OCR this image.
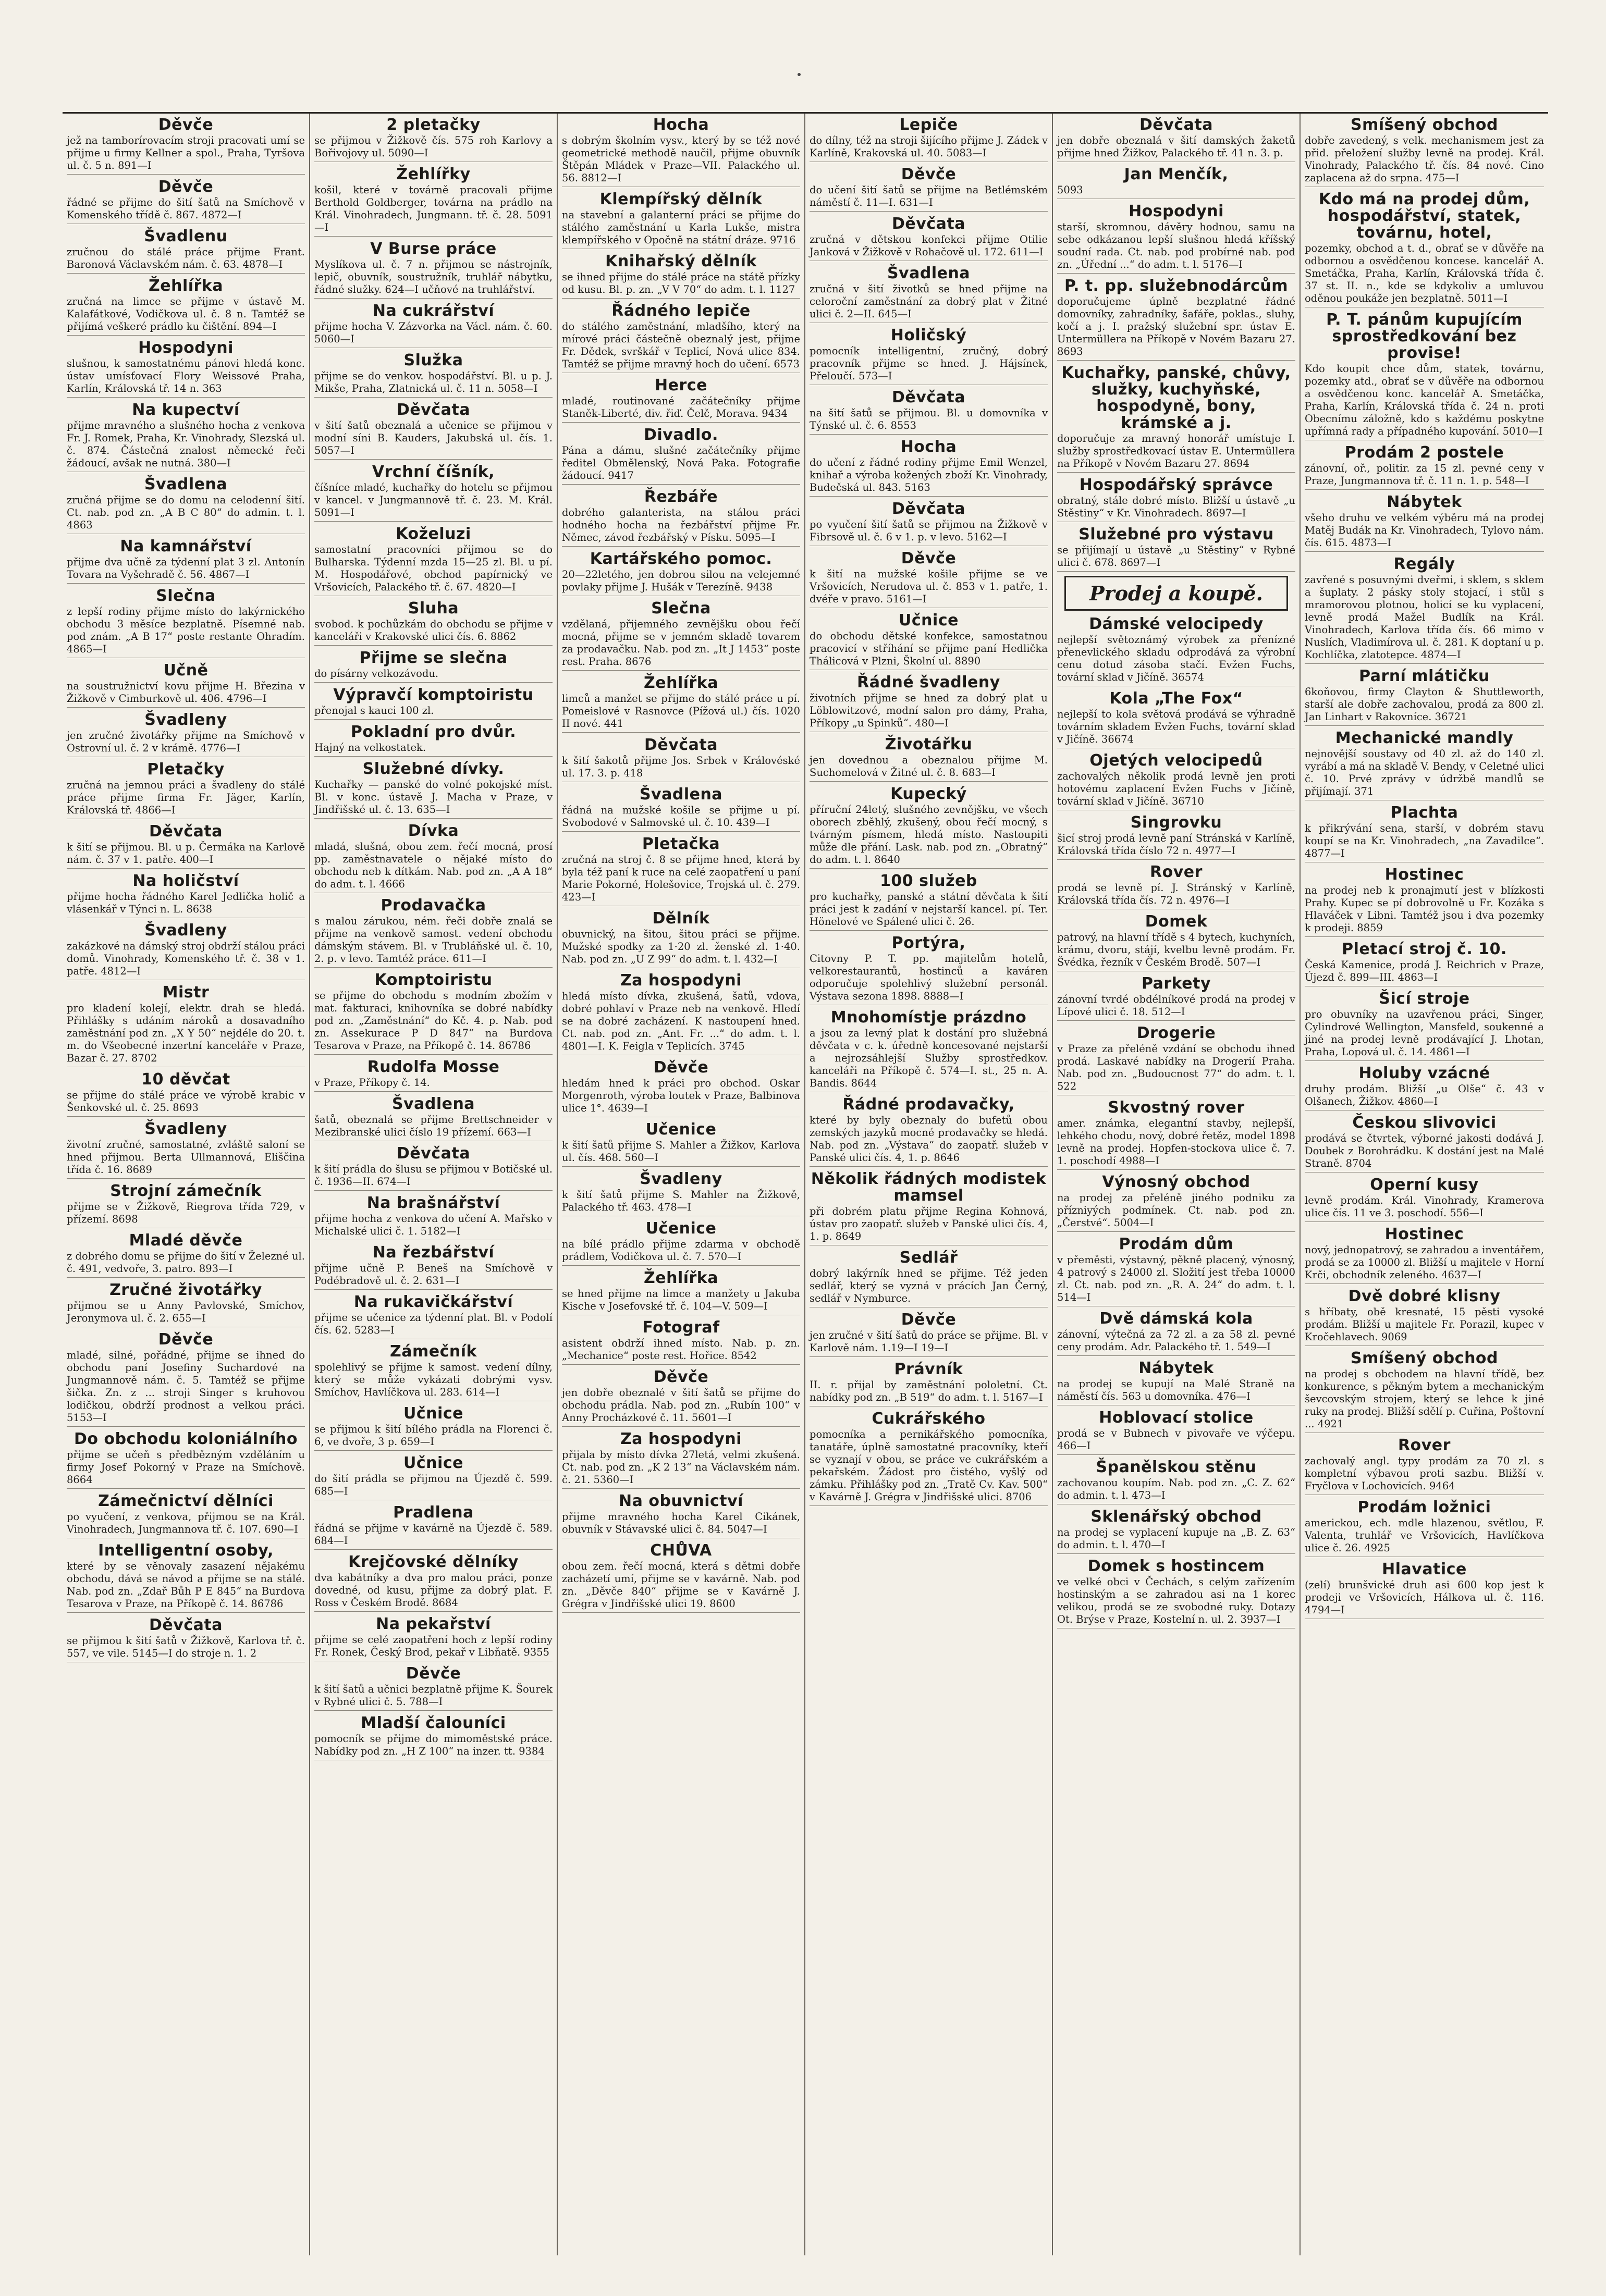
Děvče

jež na tamborírovacím stroji pracovati umí se přijme u firmy Kellner a spol., Praha, Tyršova ul. č. 5 n. 891—I

Děvče

řádné se přijme do šití šatů na Smíchově v Komenského třídě č. 867. 4872—I

Švadlenu

zručnou do stálé práce přijme Frant. Baronová Václavském nám. č. 63. 4878—I

Žehlířka

zručná na limce se přijme v ústavě M. Kalafátkové, Vodičkova ul. č. 8 n. Tamtéž se přijímá veškeré prádlo ku čištění. 894—I

Hospodyni

slušnou, k samostatnému pánovi hledá konc. ústav umísťovací Flory Weissové Praha, Karlín, Královská tř. 14 n. 363

Na kupectví

přijme mravného a slušného hocha z venkova Fr. J. Romek, Praha, Kr. Vinohrady, Slezská ul. č. 874. Částečná znalost německé řeči žádoucí, avšak ne nutná. 380—I

Švadlena

zručná přijme se do domu na celodenní šití. Ct. nab. pod zn. „A B C 80“ do admin. t. l. 4863

Na kamnářství

přijme dva učně za týdenní plat 3 zl. Antonín Tovara na Vyšehradě č. 56. 4867—I

Slečna

z lepší rodiny přijme místo do lakýrnického obchodu 3 měsíce bezplatně. Písemné nab. pod znám. „A B 17“ poste restante Ohradím. 4865—I

Učně

na soustružnictví kovu přijme H. Březina v Žižkově v Cimburkově ul. 406. 4796—I

Švadleny

jen zručné životářky přijme na Smíchově v Ostrovní ul. č. 2 v krámě. 4776—I

Pletačky

zručná na jemnou práci a švadleny do stálé práce přijme firma Fr. Jäger, Karlín, Královská tř. 4866—I

Děvčata

k šití se přijmou. Bl. u p. Čermáka na Karlově nám. č. 37 v 1. patře. 400—I

Na holičství

přijme hocha řádného Karel Jedlička holič a vlásenkář v Týnci n. L. 8638

Švadleny

zakázkové na dámský stroj obdrží stálou práci domů. Vinohrady, Komenského tř. č. 38 v 1. patře. 4812—I

Mistr

pro kladení kolejí, elektr. drah se hledá. Přihlášky s udáním nároků a dosavadního zaměstnání pod zn. „X Y 50“ nejdéle do 20. t. m. do Všeobecné inzertní kanceláře v Praze, Bazar č. 27. 8702

10 děvčat

se přijme do stálé práce ve výrobě krabic v Šenkovské ul. č. 25. 8693

Švadleny

životní zručné, samostatné, zvláště saloní se hned přijmou. Berta Ullmannová, Eliščina třída č. 16. 8689

Strojní zámečník

přijme se v Žižkově, Riegrova třída 729, v přízemí. 8698

Mladé děvče

z dobrého domu se přijme do šití v Železné ul. č. 491, vedvoře, 3. patro. 893—I

Zručné životářky

přijmou se u Anny Pavlovské, Smíchov, Jeronymova ul. č. 2. 655—I

Děvče

mladé, silné, pořádné, přijme se ihned do obchodu paní Josefiny Suchardové na Jungmannově nám. č. 5. Tamtéž se přijme šička. Zn. z ... stroji Singer s kruhovou lodičkou, obdrží prodnost a velkou práci. 5153—I

Do obchodu koloniálního

přijme se učeň s předbězným vzděláním u firmy Josef Pokorný v Praze na Smíchově. 8664

Zámečnictví dělníci

po vyučení, z venkova, přijmou se na Král. Vinohradech, Jungmannova tř. č. 107. 690—I

Intelligentní osoby,

které by se věnovaly zasazení nějakému obchodu, dává se návod a přijme se na stálé. Nab. pod zn. „Zdař Bůh P E 845“ na Burdova Tesarova v Praze, na Příkopě č. 14. 86786

Děvčata

se přijmou k šití šatů v Žižkově, Karlova tř. č. 557, ve vile. 5145—I do stroje n. 1. 2

2 pletačky

se přijmou v Žižkově čís. 575 roh Karlovy a Bořivojovy ul. 5090—I

Žehlířky

košil, které v továrně pracovali přijme Berthold Goldberger, továrna na prádlo na Král. Vinohradech, Jungmann. tř. č. 28. 5091—I

V Burse práce

Myslíkova ul. č. 7 n. přijmou se nástrojník, lepič, obuvník, soustružník, truhlář nábytku, řádné služky. 624—I učňové na truhlářství.

Na cukrářství

přijme hocha V. Zázvorka na Václ. nám. č. 60. 5060—I

Služka

přijme se do venkov. hospodářství. Bl. u p. J. Mikše, Praha, Zlatnická ul. č. 11 n. 5058—I

Děvčata

v šití šatů obeznalá a učenice se přijmou v modní síni B. Kauders, Jakubská ul. čís. 1. 5057—I

Vrchní číšník,

číšníce mladé, kuchařky do hotelu se přijmou v kancel. v Jungmannově tř. č. 23. M. Král. 5091—I

Koželuzi

samostatní pracovníci přijmou se do Bulharska. Týdenní mzda 15—25 zl. Bl. u pí. M. Hospodářové, obchod papírnický ve Vršovicích, Palackého tř. č. 67. 4820—I

Sluha

svobod. k pochůzkám do obchodu se přijme v kanceláři v Krakovské ulici čís. 6. 8862

Přijme se slečna

do písárny velkozávodu.

Výpravčí komptoiristu

přenojal s kauci 100 zl.

Pokladní pro dvůr.

Hajný na velkostatek.

Služebné dívky.

Kuchařky — panské do volné pokojské míst. Bl. v konc. ústavě J. Macha v Praze, v Jindřišské ul. č. 13. 635—I

Dívka

mladá, slušná, obou zem. řečí mocná, prosí pp. zaměstnavatele o nějaké místo do obchodu neb k dítkám. Nab. pod zn. „A A 18“ do adm. t. l. 4666

Prodavačka

s malou zárukou, ném. řeči dobře znalá se přijme na venkově samost. vedení obchodu dámským stávem. Bl. v Trubláňské ul. č. 10, 2. p. v levo. Tamtéž práce. 611—I

Komptoiristu

se přijme do obchodu s modním zbožím v mat. fakturaci, knihovníka se dobré nabídky pod zn. „Zaměstnání“ do Kč. 4. p. Nab. pod zn. Assekurace P D 847“ na Burdova Tesarova v Praze, na Příkopě č. 14. 86786

Rudolfa Mosse

v Praze, Příkopy č. 14.

Švadlena

šatů, obeznalá se přijme Brettschneider v Mezibranské ulici číslo 19 přízemí. 663—I

Děvčata

k šití prádla do šlusu se přijmou v Botičské ul. č. 1936—II. 674—I

Na brašnářství

přijme hocha z venkova do učení A. Mařsko v Michalské ulici č. 1. 5182—I

Na řezbářství

přijme učně P. Beneš na Smíchově v Podébradově ul. č. 2. 631—I

Na rukavičkářství

přijme se učenice za týdenní plat. Bl. v Podolí čís. 62. 5283—I

Zámečník

spolehlivý se přijme k samost. vedení dílny, který se může vykázati dobrými vysv. Smíchov, Havlíčkova ul. 283. 614—I

Učnice

se přijmou k šití bílého prádla na Florenci č. 6, ve dvoře, 3 p. 659—I

Učnice

do šití prádla se přijmou na Újezdě č. 599. 685—I

Pradlena

řádná se přijme v kavárně na Újezdě č. 589. 684—I

Krejčovské dělníky

dva kabátníky a dva pro malou práci, ponze dovedné, od kusu, přijme za dobrý plat. F. Ross v Českém Brodě. 8684

Na pekařství

přijme se celé zaopatření hoch z lepší rodiny Fr. Ronek, Český Brod, pekař v Libňatě. 9355

Děvče

k šití šatů a učnici bezplatně přijme K. Šourek v Rybné ulici č. 5. 788—I

Mladší čalouníci

pomocník se přijme do mimoměstské práce. Nabídky pod zn. „H Z 100“ na inzer. tt. 9384

Hocha

s dobrým školním vysv., který by se též nové geometrické methodě naučil, přijme obuvník Štěpán Mládek v Praze—VII. Palackého ul. 56. 8812—I

Klempířský dělník

na stavební a galanterní práci se přijme do stálého zaměstnání u Karla Lukše, mistra klempířského v Opočně na státní dráze. 9716

Knihařský dělník

se ihned přijme do stálé práce na státě přízky od kusu. Bl. p. zn. „V V 70“ do adm. t. l. 1127

Řádného lepiče

do stálého zaměstnání, mladšího, který na mírové práci částečně obeznalý jest, přijme Fr. Dědek, svrškář v Teplicí, Nová ulice 834. Tamtéž se přijme mravný hoch do učení. 6573

Herce

mladé, routinované začátečníky přijme Staněk-Liberté, div. řiď. Čelč, Morava. 9434

Divadlo.

Pána a dámu, slušné začátečníky přijme ředitel Obmělenský, Nová Paka. Fotografie žádoucí. 9417

Řezbáře

dobrého galanterista, na stálou práci hodného hocha na řezbářství přijme Fr. Němec, závod řezbářský v Písku. 5095—I

Kartářského pomoc.

20—22letého, jen dobrou silou na velejemné povlaky přijme J. Hušák v Terezíně. 9438

Slečna

vzdělaná, přijemného zevnějšku obou řečí mocná, přijme se v jemném skladě tovarem za prodavačku. Nab. pod zn. „It J 1453“ poste rest. Praha. 8676

Žehlířka

limců a manžet se přijme do stálé práce u pí. Pomeislové v Rasnovce (Pížová ul.) čís. 1020 II nové. 441

Děvčata

k šití šakotů přijme Jos. Srbek v Královéské ul. 17. 3. p. 418

Švadlena

řádná na mužské košile se přijme u pí. Svobodové v Salmovské ul. č. 10. 439—I

Pletačka

zručná na stroj č. 8 se přijme hned, která by byla též paní k ruce na celé zaopatření u paní Marie Pokorné, Holešovice, Trojská ul. č. 279. 423—I

Dělník

obuvnický, na šitou, šitou práci se přijme. Mužské spodky za 1·20 zl. ženské zl. 1·40. Nab. pod zn. „U Z 99“ do adm. t. l. 432—I

Za hospodyni

hledá místo dívka, zkušená, šatů, vdova, dobré pohlaví v Praze neb na venkově. Hledí se na dobré zacházení. K nastoupení hned. Ct. nab. pod zn. „Ant. Fr. ...“ do adm. t. l. 4801—I. K. Feigla v Teplicích. 3745

Děvče

hledám hned k práci pro obchod. Oskar Morgenroth, výroba loutek v Praze, Balbinova ulice 1°. 4639—I

Učenice

k šití šatů přijme S. Mahler a Žižkov, Karlova ul. čís. 468. 560—I

Švadleny

k šití šatů přijme S. Mahler na Žižkově, Palackého tř. 463. 478—I

Učenice

na bílé prádlo přijme zdarma v obchodě prádlem, Vodičkova ul. č. 7. 570—I

Žehlířka

se hned přijme na limce a manžety u Jakuba Kische v Josefovské tř. č. 104—V. 509—I

Fotograf

asistent obdrží ihned místo. Nab. p. zn. „Mechanice“ poste rest. Hořice. 8542

Děvče

jen dobře obeznalé v šití šatů se přijme do obchodu prádla. Nab. pod zn. „Rubín 100“ v Anny Procházkové č. 11. 5601—I

Za hospodyni

přijala by místo dívka 27letá, velmi zkušená. Ct. nab. pod zn. „K 2 13“ na Václavském nám. č. 21. 5360—I

Na obuvnictví

přijme mravného hocha Karel Cikánek, obuvník v Stávavské ulici č. 84. 5047—I

CHŮVA

obou zem. řečí mocná, která s dětmi dobře zacházetí umí, přijme se v kavárně. Nab. pod zn. „Děvče 840“ přijme se v Kavárně J. Grégra v Jindřišské ulici 19. 8600

Lepiče

do dílny, též na stroji šijícího přijme J. Zádek v Karlíně, Krakovská ul. 40. 5083—I

Děvče

do učení šití šatů se přijme na Betlémském náměstí č. 11—I. 631—I

Děvčata

zručná v dětskou konfekci přijme Otilie Janková v Žižkově v Rohačově ul. 172. 611—I

Švadlena

zručná v šití životků se hned přijme na celoroční zaměstnání za dobrý plat v Žitné ulici č. 2—II. 645—I

Holičský

pomocník intelligentní, zručný, dobrý pracovník přijme se hned. J. Hájsínek, Přeloučí. 573—I

Děvčata

na šití šatů se přijmou. Bl. u domovníka v Týnské ul. č. 6. 8553

Hocha

do učení z řádné rodiny přijme Emil Wenzel, knihař a výroba kožených zboží Kr. Vinohrady, Budečská ul. 843. 5163

Děvčata

po vyučení šití šatů se přijmou na Žižkově v Fibrsově ul. č. 6 v 1. p. v levo. 5162—I

Děvče

k šití na mužské košile přijme se ve Vršovicích, Nerudova ul. č. 853 v 1. patře, 1. dvéře v pravo. 5161—I

Učnice

do obchodu dětské konfekce, samostatnou pracovicí v stříhání se přijme paní Hedlička Thálicová v Plzni, Školní ul. 8890

Řádné švadleny

životních přijme se hned za dobrý plat u Löblowitzové, modní salon pro dámy, Praha, Příkopy „u Spinků“. 480—I

Životářku

jen dovednou a obeznalou přijme M. Suchomelová v Žitné ul. č. 8. 683—I

Kupecký

příruční 24letý, slušného zevnějšku, ve všech oborech zběhlý, zkušený, obou řečí mocný, s tvárným písmem, hledá místo. Nastoupiti může dle přání. Lask. nab. pod zn. „Obratný“ do adm. t. l. 8640

100 služeb

pro kuchařky, panské a státní děvčata k šití práci jest k zadání v nejstarší kancel. pí. Ter. Hönelové ve Spálené ulici č. 26.

Portýra,

Citovny P. T. pp. majitelům hotelů, velkorestaurantů, hostinců a kaváren odporučuje spolehlivý služební personál. Výstava sezona 1898. 8888—I

Mnohomístje prázdno

a jsou za levný plat k dostání pro služebná děvčata v c. k. úředně koncesované nejstarší a nejrozsáhlejší Služby sprostředkov. kanceláři na Příkopě č. 574—I. st., 25 n. A. Bandis. 8644

Řádné prodavačky,

které by byly obeznaly do bufetů obou zemských jazyků mocné prodavačky se hledá. Nab. pod zn. „Výstava“ do zaopatř. služeb v Panské ulici čís. 4, 1. p. 8646

Několik řádných modistek mamsel

při dobrém platu přijme Regina Kohnová, ústav pro zaopatř. služeb v Panské ulici čís. 4, 1. p. 8649

Sedlář

dobrý lakýrník hned se přijme. Též jeden sedlář, který se vyzná v prácích Jan Černý, sedlář v Nymburce.

Děvče

jen zručné v šití šatů do práce se přijme. Bl. v Karlově nám. 1.19—I 19—I

Právník

II. r. přijal by zaměstnání pololetní. Ct. nabídky pod zn. „B 519“ do adm. t. l. 5167—I

Cukrářského

pomocníka a pernikářského pomocníka, tanatáře, úplně samostatné pracovníky, kteří se vyznají v obou, se práce ve cukrářském a pekařském. Žádost pro čistého, vyšlý od zámku. Přihlášky pod zn. „Tratě Cv. Kav. 500“ v Kavárně J. Grégra v Jindřišské ulici. 8706

Děvčata

jen dobře obeznalá v šití damských žaketů přijme hned Žižkov, Palackého tř. 41 n. 3. p.

Jan Menčík,

5093

Hospodyni

starší, skromnou, dávěry hodnou, samu na sebe odkázanou lepší slušnou hledá kříšský soudní rada. Ct. nab. pod probírné nab. pod zn. „Úřední ...“ do adm. t. l. 5176—I

P. t. pp. služebnodárcům

doporučujeme úplně bezplatné řádné domovníky, zahradníky, šafáře, poklas., sluhy, kočí a j. I. pražský služební spr. ústav E. Untermüllera na Příkopě v Novém Bazaru 27. 8693

Kuchařky, panské, chůvy, služky, kuchyňské, hospodyně, bony, krámské a j.

doporučuje za mravný honorář umístuje I. služby sprostředkovací ústav E. Untermüllera na Příkopě v Novém Bazaru 27. 8694

Hospodářský správce

obratný, stále dobré místo. Bližší u ústavě „u Stěstiny“ v Kr. Vinohradech. 8697—I

Služebné pro výstavu

se přijímají u ústavě „u Stěstiny“ v Rybné ulici č. 678. 8697—I

Prodej a koupě.
Dámské velocipedy

nejlepší světoznámý výrobek za přenízné přenevlického skladu odprodává za výrobní cenu dotud zásoba stačí. Evžen Fuchs, tovární sklad v Jičíně. 36574

Kola „The Fox“

nejlepší to kola světová prodává se výhradně továrním skladem Evžen Fuchs, tovární sklad v Jičíně. 36674

Ojetých velocipedů

zachovalých několik prodá levně jen proti hotovému zaplacení Evžen Fuchs v Jičíně, tovární sklad v Jičíně. 36710

Singrovku

šicí stroj prodá levně paní Stránská v Karlíně, Královská třída číslo 72 n. 4977—I

Rover

prodá se levně pí. J. Stránský v Karlíně, Královská třída čís. 72 n. 4976—I

Domek

patrový, na hlavní třídě s 4 bytech, kuchyních, krámu, dvoru, stájí, kvelbu levně prodám. Fr. Švédka, řezník v Českém Brodě. 507—I

Parkety

zánovní tvrdé obdélníkové prodá na prodej v Lípové ulici č. 18. 512—I

Drogerie

v Praze za přeléně vzdání se obchodu ihned prodá. Laskavé nabídky na Drogerií Praha. Nab. pod zn. „Budoucnost 77“ do adm. t. l. 522

Skvostný rover

amer. známka, elegantní stavby, nejlepší, lehkého chodu, nový, dobré řetěz, model 1898 levně na prodej. Hopfen-stockova ulice č. 7. 1. poschodí 4988—I

Výnosný obchod

na prodej za přeléně jiného podniku za přízniyých podmínek. Ct. nab. pod zn. „Čerstvé“. 5004—I

Prodám dům

v přeměsti, výstavný, pěkně placený, výnosný, 4 patrový s 24000 zl. Složití jest třeba 10000 zl. Ct. nab. pod zn. „R. A. 24“ do adm. t. l. 514—I

Dvě dámská kola

zánovní, výtečná za 72 zl. a za 58 zl. pevné ceny prodám. Adr. Palackého tř. 1. 549—I

Nábytek

na prodej se kupují na Malé Straně na náměstí čís. 563 u domovníka. 476—I

Hoblovací stolice

prodá se v Bubnech v pivovaře ve výčepu. 466—I

Španělskou stěnu

zachovanou koupím. Nab. pod zn. „C. Z. 62“ do admin. t. l. 473—I

Sklenářský obchod

na prodej se vyplacení kupuje na „B. Z. 63“ do admin. t. l. 470—I

Domek s hostincem

ve velké obci v Čechách, s celým zařízením hostinským a se zahradou asi na 1 korec velikou, prodá se ze svobodné ruky. Dotazy Ot. Brýse v Praze, Kostelní n. ul. 2. 3937—I

Smíšený obchod

dobře zavedený, s velk. mechanismem jest za přid. přeložení služby levně na prodej. Král. Vinohrady, Palackého tř. čís. 84 nové. Cino zaplacena až do srpna. 475—I

Kdo má na prodej dům, hospodářství, statek, továrnu, hotel,

pozemky, obchod a t. d., obrať se v důvěře na odbornou a osvědčenou koncese. kancelář A. Smetáčka, Praha, Karlín, Královská třída č. 37 st. II. n., kde se kdykoliv a umluvou oděnou poukáže jen bezplatně. 5011—I

P. T. pánům kupujícím sprostředkování bez provise!

Kdo koupit chce dům, statek, továrnu, pozemky atd., obrať se v důvěře na odbornou a osvědčenou konc. kancelář A. Smetáčka, Praha, Karlín, Královská třída č. 24 n. proti Obecnímu záložně, kdo s každému poskytne upřímná rady a případného kupování. 5010—I

Prodám 2 postele

zánovní, oř., politir. za 15 zl. pevné ceny v Praze, Jungmannova tř. č. 11 n. 1. p. 548—I

Nábytek

všeho druhu ve velkém výběru má na prodej Matěj Budák na Kr. Vinohradech, Tylovo nám. čís. 615. 4873—I

Regály

zavřené s posuvnými dveřmi, i sklem, s sklem a šuplaty. 2 pásky stoly stojací, i stůl s mramorovou plotnou, holicí se ku vyplacení, levně prodá Mažel Budlík na Král. Vinohradech, Karlova třída čís. 66 mimo v Nuslích, Vladimírova ul. č. 281. K doptaní u p. Kochlíčka, zlatotepce. 4874—I

Parní mlátičku

6koňovou, firmy Clayton & Shuttleworth, starší ale dobře zachovalou, prodá za 800 zl. Jan Linhart v Rakovníce. 36721

Mechanické mandly

nejnovější soustavy od 40 zl. až do 140 zl. vyrábí a má na skladě V. Bendy, v Celetné ulici č. 10. Prvé zprávy v údržbě mandlů se přijímají. 371

Plachta

k přikrývání sena, starší, v dobrém stavu koupí se na Kr. Vinohradech, „na Zavadilce“. 4877—I

Hostinec

na prodej neb k pronajmutí jest v blízkosti Prahy. Kupec se pí dobrovolně u Fr. Kozáka s Hlaváček v Libni. Tamtéž jsou i dva pozemky k prodeji. 8859

Pletací stroj č. 10.

Česká Kamenice, prodá J. Reichrich v Praze, Újezd č. 899—III. 4863—I

Šicí stroje

pro obuvníky na uzavřenou práci, Singer, Cylindrové Wellington, Mansfeld, soukenné a jiné na prodej levně prodávající J. Lhotan, Praha, Lopová ul. č. 14. 4861—I

Holuby vzácné

druhy prodám. Bližší „u Olše“ č. 43 v Olšanech, Žižkov. 4860—I

Českou slivovici

prodává se čtvrtek, výborné jakosti dodává J. Doubek z Borohrádku. K dostání jest na Malé Straně. 8704

Operní kusy

levně prodám. Král. Vinohrady, Kramerova ulice čís. 11 ve 3. poschodí. 556—I

Hostinec

nový, jednopatrový, se zahradou a inventářem, prodá se za 10000 zl. Bližší u majitele v Horní Krči, obchodník zeleného. 4637—I

Dvě dobré klisny

s hříbaty, obě kresnaté, 15 pěsti vysoké prodám. Bližší u majitele Fr. Porazil, kupec v Kročehlavech. 9069

Smíšený obchod

na prodej s obchodem na hlavní třídě, bez konkurence, s pěkným bytem a mechanickým ševcovským strojem, který se lehce k jiné ruky na prodej. Bližší sdělí p. Cuřina, Poštovní ... 4921

Rover

zachovalý angl. typy prodám za 70 zl. s kompletní výbavou proti sazbu. Bližší v. Fryčlova v Lochovicích. 9464

Prodám ložnici

americkou, ech. mdle hlazenou, světlou, F. Valenta, truhlář ve Vršovicích, Havlíčkova ulice č. 26. 4925

Hlavatice

(zelí) brunšvické druh asi 600 kop jest k prodeji ve Vršovicích, Hálkova ul. č. 116. 4794—I
